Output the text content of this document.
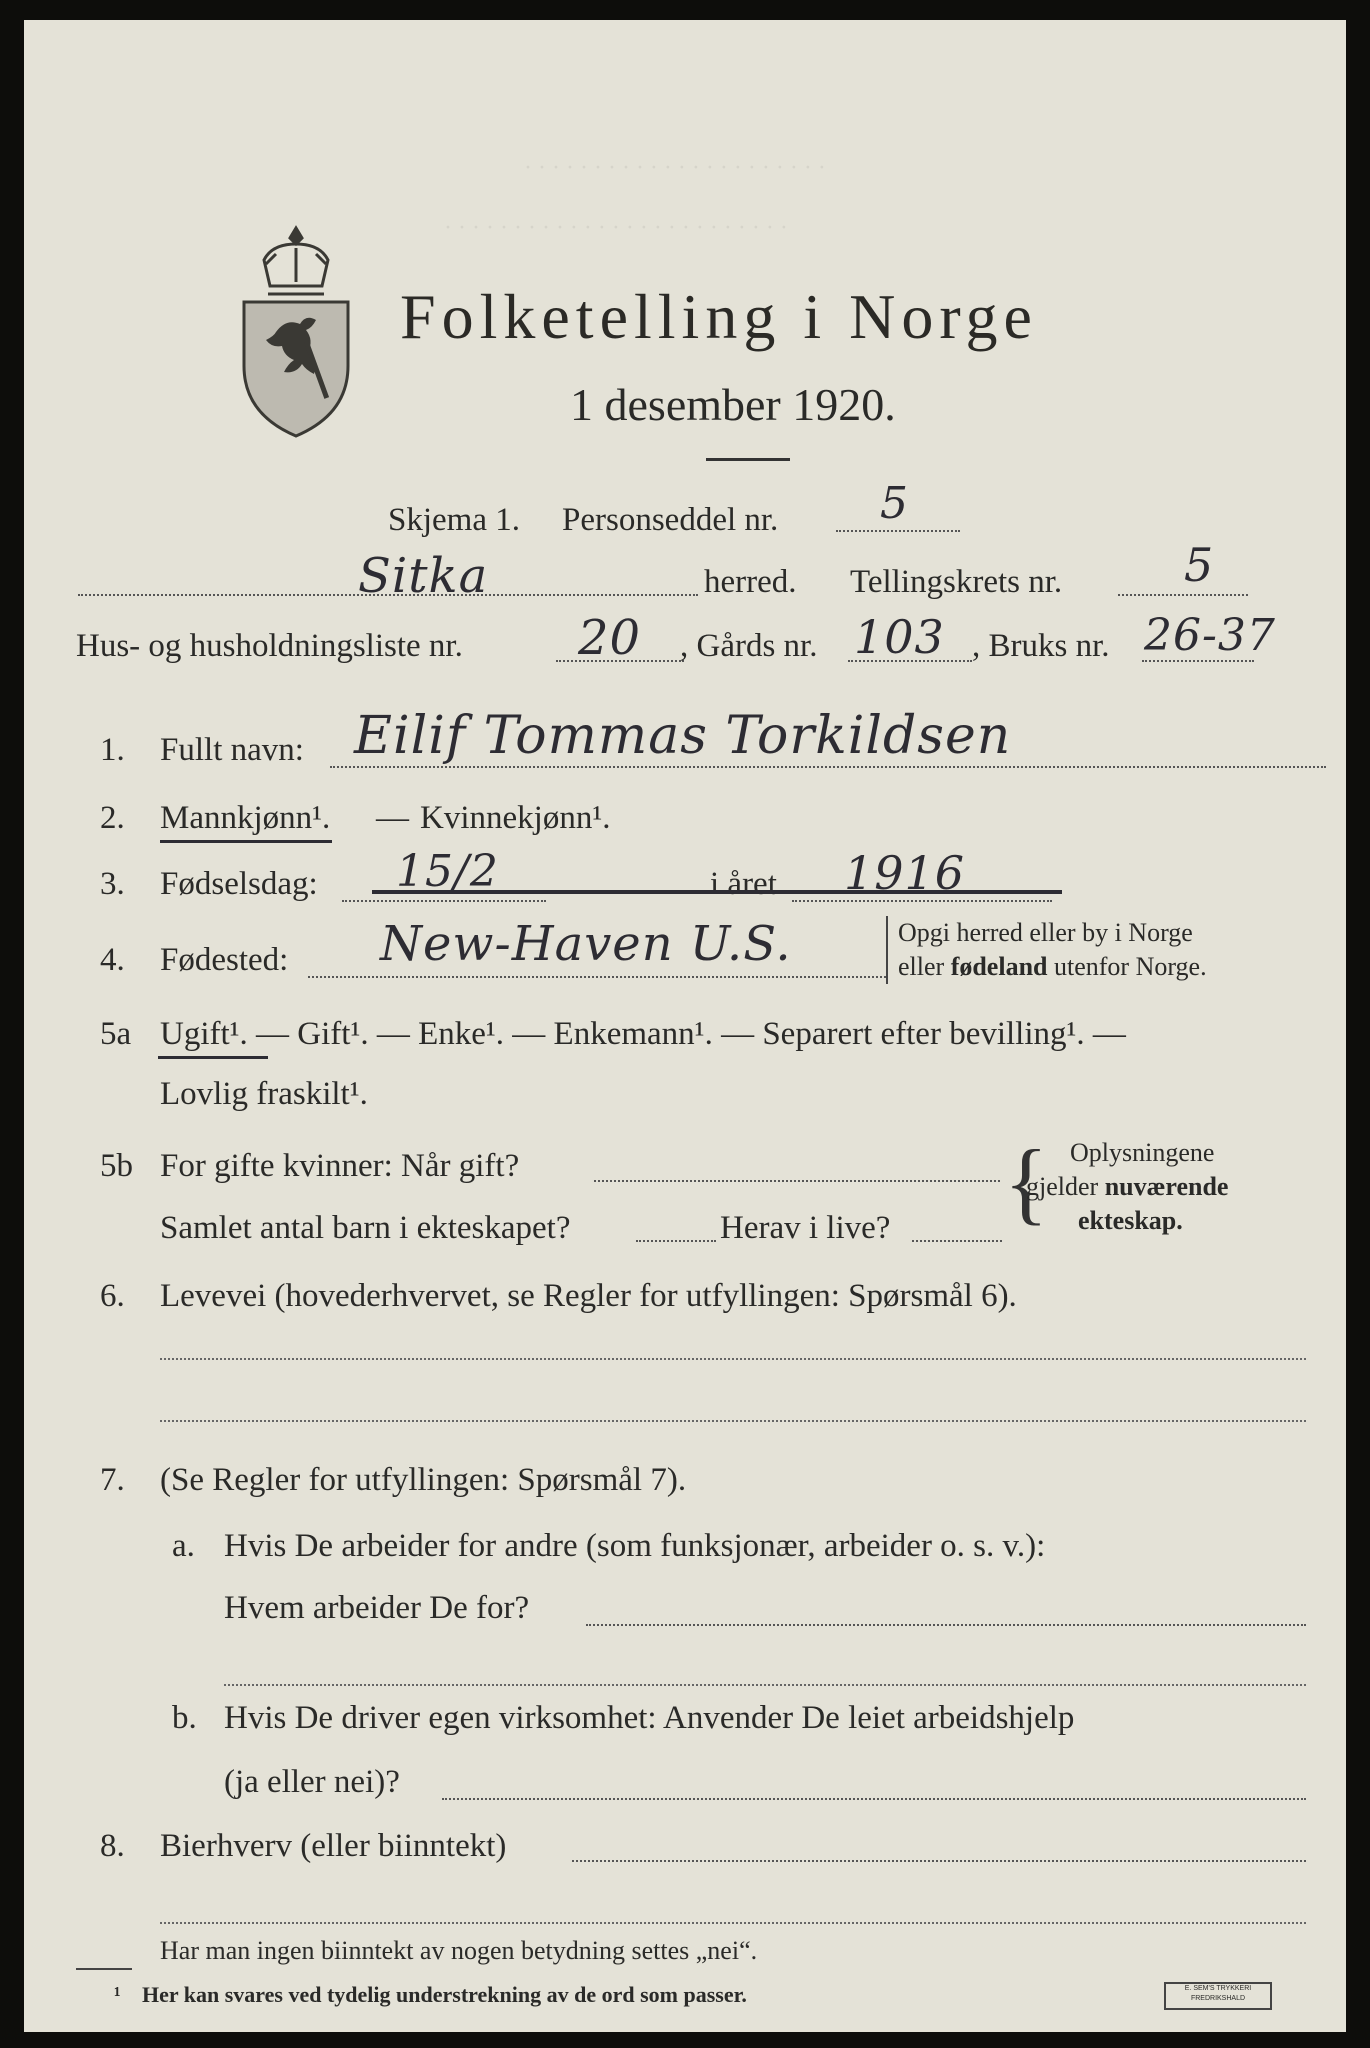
· · · · · · · · · · · · · · · · · · · · · ·
· · · · · · · · · · · · · · · · · · · · · · · · ·
Folketelling i Norge
1 desember 1920.
Skjema 1. Personseddel nr. 5
Sitka	herred. Tellingskrets nr.	5
Hus- og husholdningsliste nr. 20 , Gårds nr. 103 , Bruks nr. 26-37
1. Fullt navn: Eilif Tommas Torkildsen
2. Mannkjønn¹. — Kvinnekjønn¹.
3. Fødselsdag: 15/2	i året 1916
4. Fødested: New-Haven U.S.	Opgi herred eller by i Norge
eller fødeland utenfor Norge.
5a Ugift¹. — Gift¹. — Enke¹. — Enkemann¹. — Separert efter bevilling¹. —
Lovlig fraskilt¹.
5b For gifte kvinner: Når gift?
Samlet antal barn i ekteskapet?	Herav i live? { Oplysningene
gjelder nuværende
ekteskap.
6. Levevei (hovederhvervet, se Regler for utfyllingen: Spørsmål 6).
7. (Se Regler for utfyllingen: Spørsmål 7).
a. Hvis De arbeider for andre (som funksjonær, arbeider o. s. v.):
Hvem arbeider De for?
b. Hvis De driver egen virksomhet: Anvender De leiet arbeidshjelp
(ja eller nei)?
8. Bierhverv (eller biinntekt)
Har man ingen biinntekt av nogen betydning settes „nei“.
¹ Her kan svares ved tydelig understrekning av de ord som passer.	E. SEM'S TRYKKERI FREDRIKSHALD
